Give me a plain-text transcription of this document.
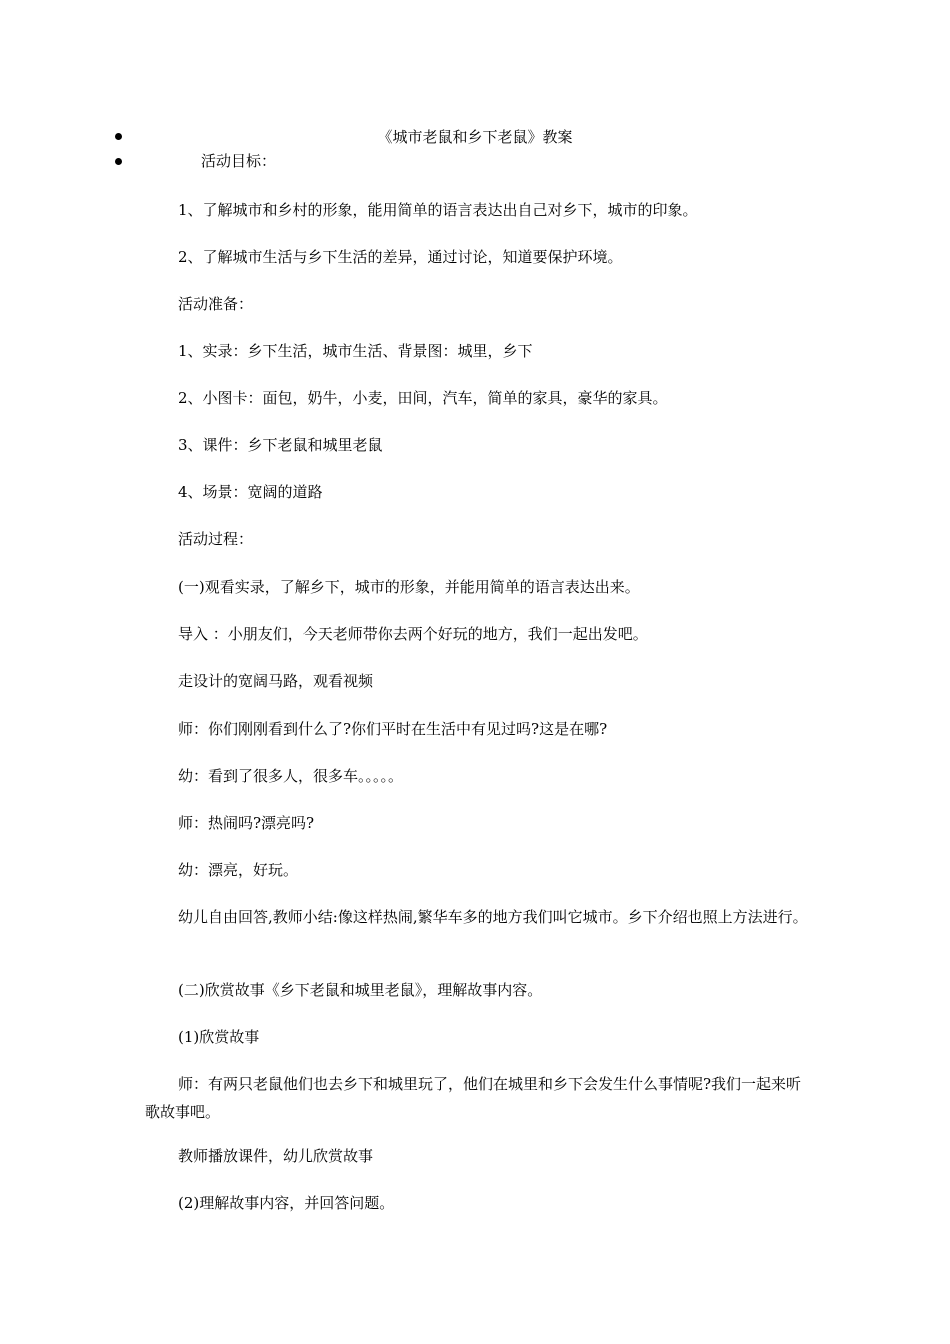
《城市老鼠和乡下老鼠》教案
活动目标：
1、了解城市和乡村的形象，能用简单的语言表达出自己对乡下，城市的印象。
2、了解城市生活与乡下生活的差异，通过讨论，知道要保护环境。
活动准备：
1、实录：乡下生活，城市生活、背景图：城里，乡下
2、小图卡：面包，奶牛，小麦，田间，汽车，简单的家具，豪华的家具。
3、课件：乡下老鼠和城里老鼠
4、场景：宽阔的道路
活动过程：
(一)观看实录，了解乡下，城市的形象，并能用简单的语言表达出来。
导入 ：小朋友们，今天老师带你去两个好玩的地方，我们一起出发吧。
走设计的宽阔马路，观看视频
师：你们刚刚看到什么了?你们平时在生活中有见过吗?这是在哪?
幼：看到了很多人，很多车。。。。。
师：热闹吗?漂亮吗?
幼：漂亮，好玩。
幼儿自由回答,教师小结:像这样热闹,繁华车多的地方我们叫它城市。乡下介绍也照上方法进行。
(二)欣赏故事《乡下老鼠和城里老鼠》，理解故事内容。
(1)欣赏故事
师：有两只老鼠他们也去乡下和城里玩了，他们在城里和乡下会发生什么事情呢?我们一起来听歌故事吧。
教师播放课件，幼儿欣赏故事
(2)理解故事内容，并回答问题。
